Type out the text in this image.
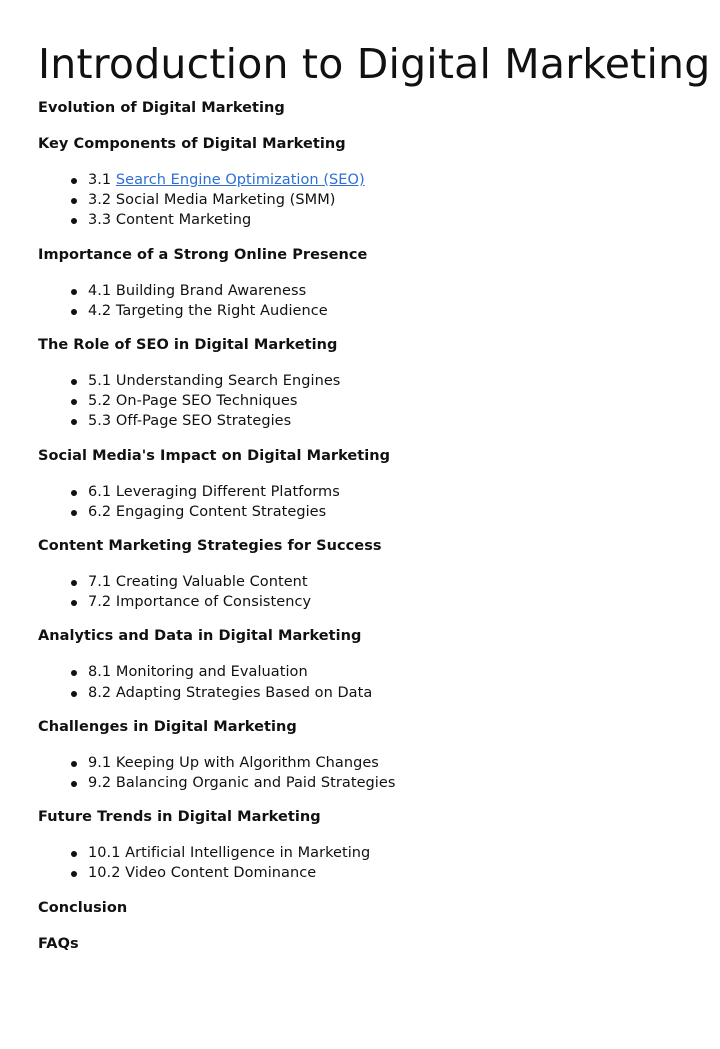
Introduction to Digital Marketing
Evolution of Digital Marketing
Key Components of Digital Marketing
3.1 Search Engine Optimization (SEO)
3.2 Social Media Marketing (SMM)
3.3 Content Marketing
Importance of a Strong Online Presence
4.1 Building Brand Awareness
4.2 Targeting the Right Audience
The Role of SEO in Digital Marketing
5.1 Understanding Search Engines
5.2 On-Page SEO Techniques
5.3 Off-Page SEO Strategies
Social Media's Impact on Digital Marketing
6.1 Leveraging Different Platforms
6.2 Engaging Content Strategies
Content Marketing Strategies for Success
7.1 Creating Valuable Content
7.2 Importance of Consistency
Analytics and Data in Digital Marketing
8.1 Monitoring and Evaluation
8.2 Adapting Strategies Based on Data
Challenges in Digital Marketing
9.1 Keeping Up with Algorithm Changes
9.2 Balancing Organic and Paid Strategies
Future Trends in Digital Marketing
10.1 Artificial Intelligence in Marketing
10.2 Video Content Dominance
Conclusion
FAQs
